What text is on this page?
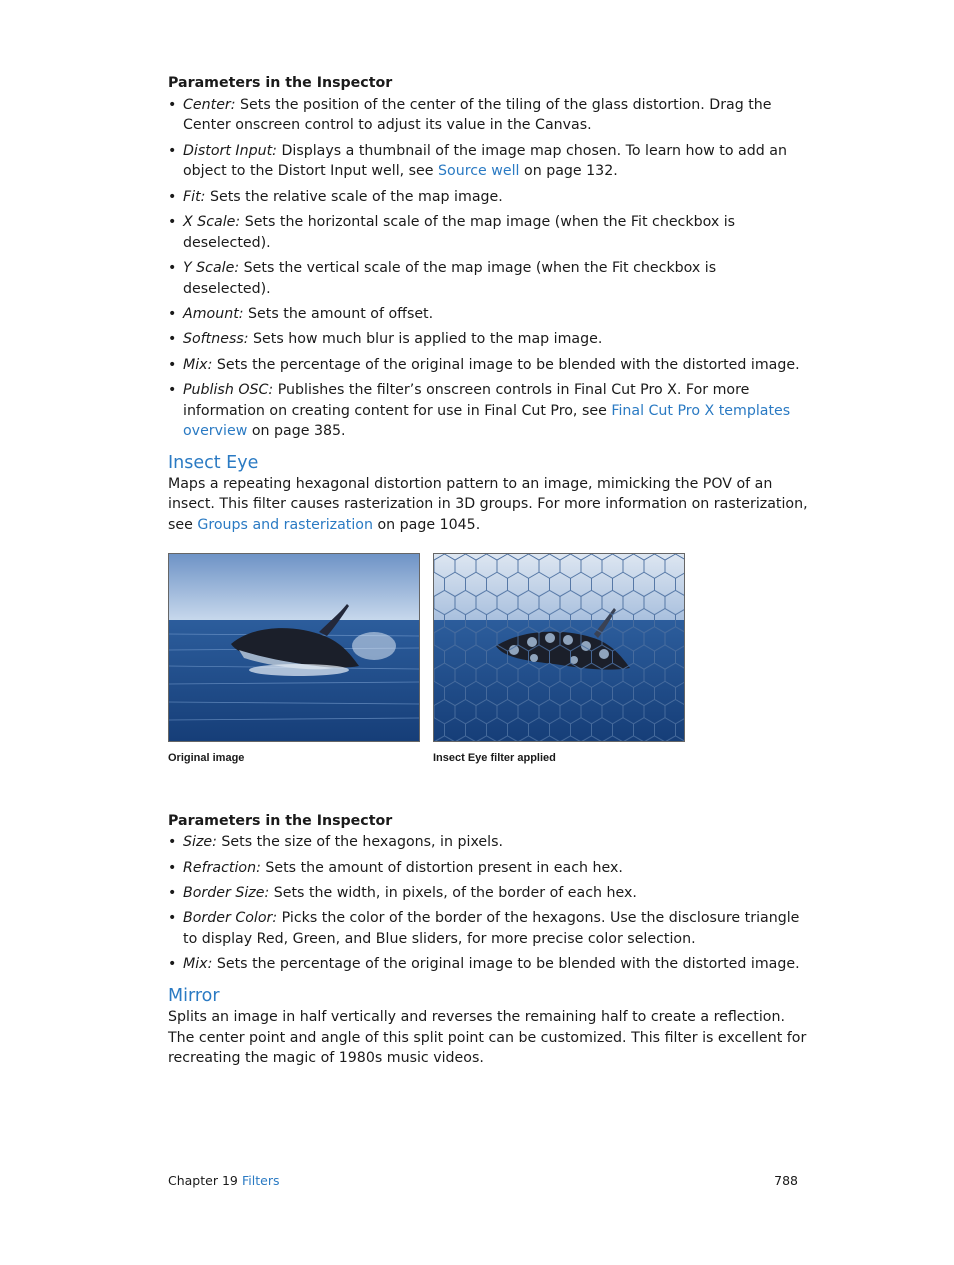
Parameters in the Inspector
• Center: Sets the position of the center of the tiling of the glass distortion. Drag the Center onscreen control to adjust its value in the Canvas.
• Distort Input: Displays a thumbnail of the image map chosen. To learn how to add an object to the Distort Input well, see Source well on page 132.
• Fit: Sets the relative scale of the map image.
• X Scale: Sets the horizontal scale of the map image (when the Fit checkbox is deselected).
• Y Scale: Sets the vertical scale of the map image (when the Fit checkbox is deselected).
• Amount: Sets the amount of offset.
• Softness: Sets how much blur is applied to the map image.
• Mix: Sets the percentage of the original image to be blended with the distorted image.
• Publish OSC: Publishes the filter’s onscreen controls in Final Cut Pro X. For more information on creating content for use in Final Cut Pro, see Final Cut Pro X templates overview on page 385.
Insect Eye

Maps a repeating hexagonal distortion pattern to an image, mimicking the POV of an insect. This filter causes rasterization in 3D groups. For more information on rasterization, see Groups and rasterization on page 1045.

Original image	Insect Eye filter applied
Parameters in the Inspector
• Size: Sets the size of the hexagons, in pixels.
• Refraction: Sets the amount of distortion present in each hex.
• Border Size: Sets the width, in pixels, of the border of each hex.
• Border Color: Picks the color of the border of the hexagons. Use the disclosure triangle to display Red, Green, and Blue sliders, for more precise color selection.
• Mix: Sets the percentage of the original image to be blended with the distorted image.
Mirror

Splits an image in half vertically and reverses the remaining half to create a reflection. The center point and angle of this split point can be customized. This filter is excellent for recreating the magic of 1980s music videos.

Chapter 19 Filters	788
